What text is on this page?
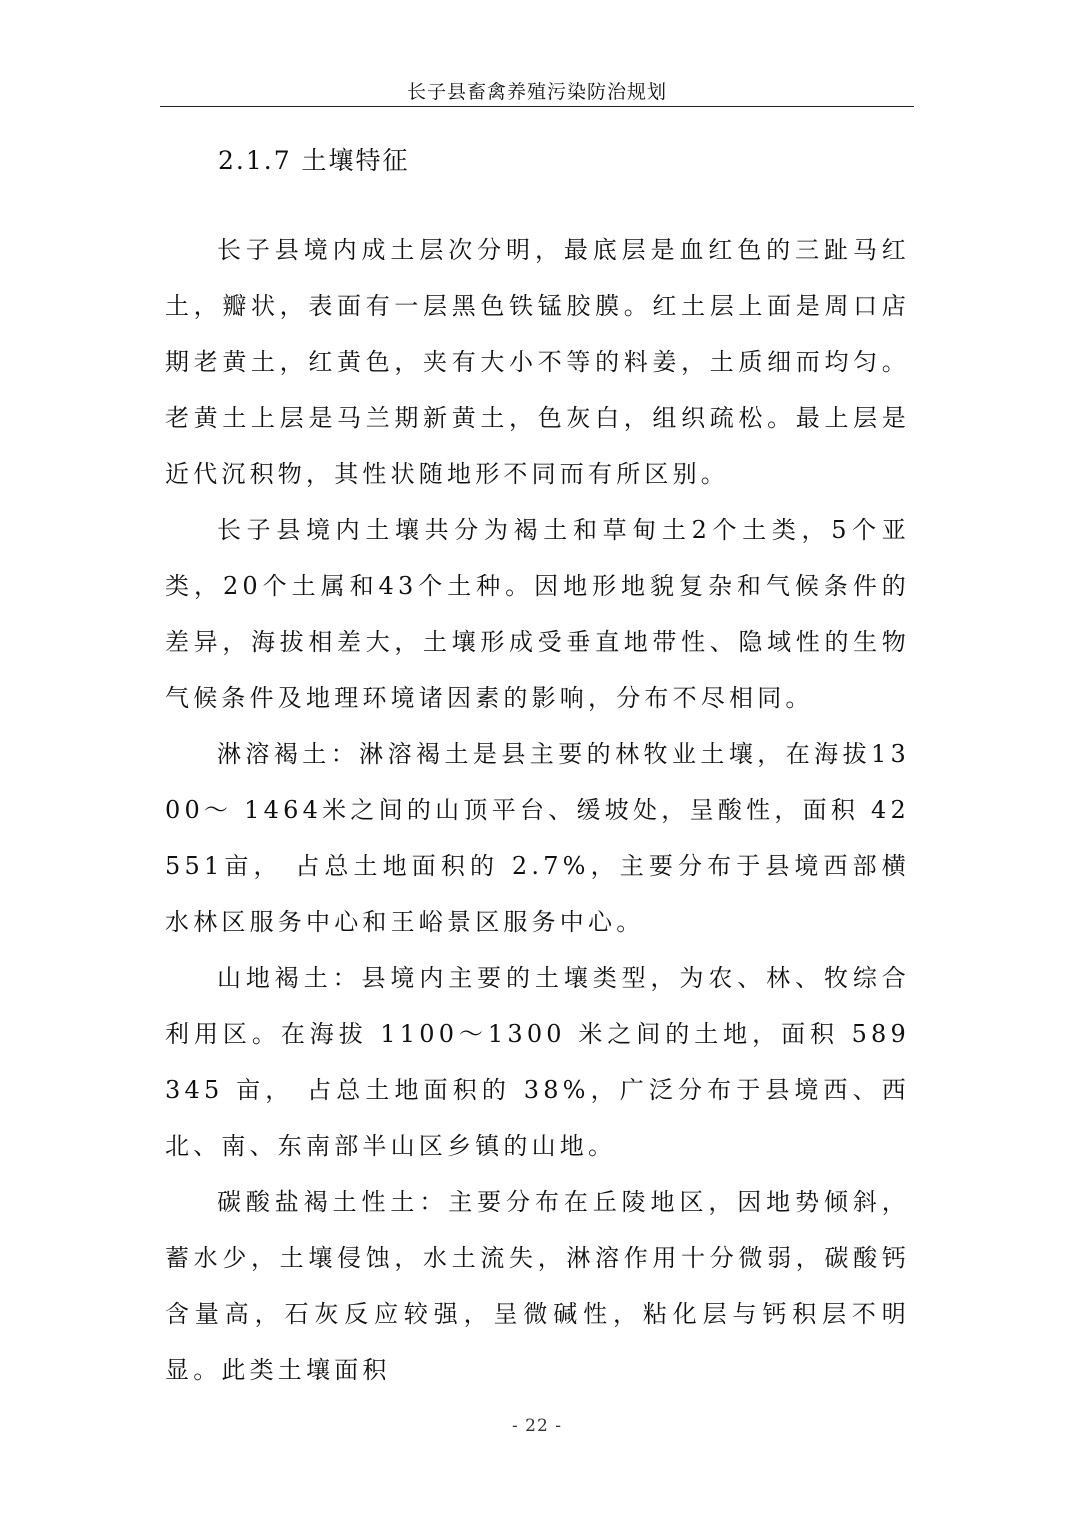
长子县畜禽养殖污染防治规划
2.1.7 土壤特征

长子县境内成土层次分明，最底层是血红色的三趾马红土，瓣状，表面有一层黑色铁锰胶膜。红土层上面是周口店期老黄土，红黄色，夹有大小不等的料姜，土质细而均匀。老黄土上层是马兰期新黄土，色灰白，组织疏松。最上层是近代沉积物，其性状随地形不同而有所区别。

长子县境内土壤共分为褐土和草甸土2个土类，5个亚类，20个土属和43个土种。因地形地貌复杂和气候条件的差异，海拔相差大，土壤形成受垂直地带性、隐域性的生物气候条件及地理环境诸因素的影响，分布不尽相同。

淋溶褐土：淋溶褐土是县主要的林牧业土壤，在海拔1300～ 1464米之间的山顶平台、缓坡处，呈酸性，面积 42551亩， 占总土地面积的 2.7%，主要分布于县境西部横水林区服务中心和王峪景区服务中心。

山地褐土：县境内主要的土壤类型，为农、林、牧综合利用区。在海拔 1100～1300 米之间的土地，面积 589345 亩， 占总土地面积的 38%，广泛分布于县境西、西北、南、东南部半山区乡镇的山地。

碳酸盐褐土性土：主要分布在丘陵地区，因地势倾斜，蓄水少，土壤侵蚀，水土流失，淋溶作用十分微弱，碳酸钙含量高，石灰反应较强，呈微碱性，粘化层与钙积层不明显。此类土壤面积

- 22 -
